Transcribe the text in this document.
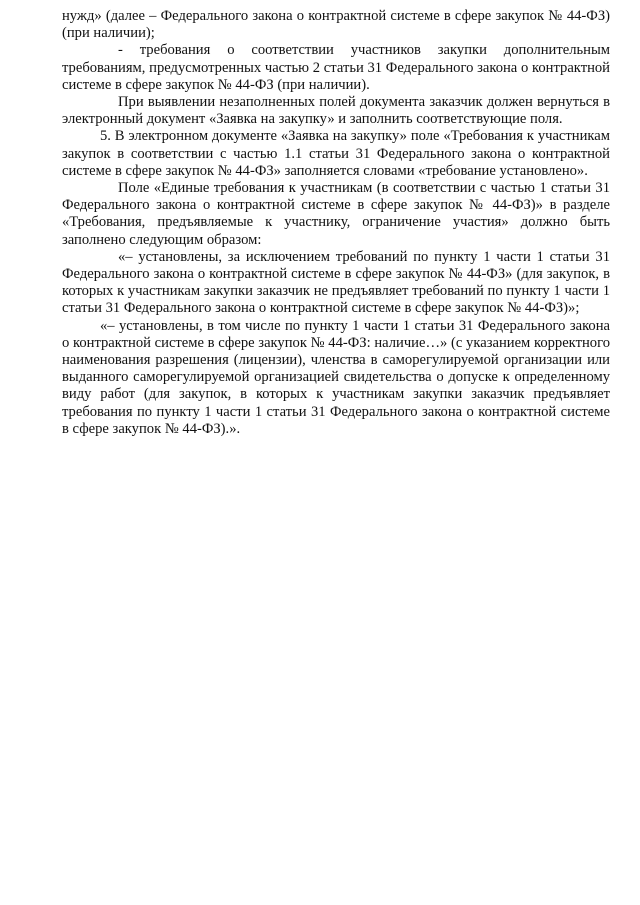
нужд» (далее – Федерального закона о контрактной системе в сфере закупок № 44-ФЗ) (при наличии);

- требования о соответствии участников закупки дополнительным требованиям, предусмотренных частью 2 статьи 31 Федерального закона о контрактной системе в сфере закупок № 44-ФЗ (при наличии).

При выявлении незаполненных полей документа заказчик должен вернуться в электронный документ «Заявка на закупку» и заполнить соответствующие поля.

5. В электронном документе «Заявка на закупку» поле «Требования к участникам закупок в соответствии с частью 1.1 статьи 31 Федерального закона о контрактной системе в сфере закупок № 44-ФЗ» заполняется словами «требование установлено».

Поле «Единые требования к участникам (в соответствии с частью 1 статьи 31 Федерального закона о контрактной системе в сфере закупок № 44-ФЗ)» в разделе «Требования, предъявляемые к участнику, ограничение участия» должно быть заполнено следующим образом:

«– установлены, за исключением требований по пункту 1 части 1 статьи 31 Федерального закона о контрактной системе в сфере закупок № 44-ФЗ» (для закупок, в которых к участникам закупки заказчик не предъявляет требований по пункту 1 части 1 статьи 31 Федерального закона о контрактной системе в сфере закупок № 44-ФЗ)»;

«– установлены, в том числе по пункту 1 части 1 статьи 31 Федерального закона о контрактной системе в сфере закупок № 44-ФЗ: наличие…» (с указанием корректного наименования разрешения (лицензии), членства в саморегулируемой организации или выданного саморегулируемой организацией свидетельства о допуске к определенному виду работ (для закупок, в которых к участникам закупки заказчик предъявляет требования по пункту 1 части 1 статьи 31 Федерального закона о контрактной системе в сфере закупок № 44-ФЗ).».
